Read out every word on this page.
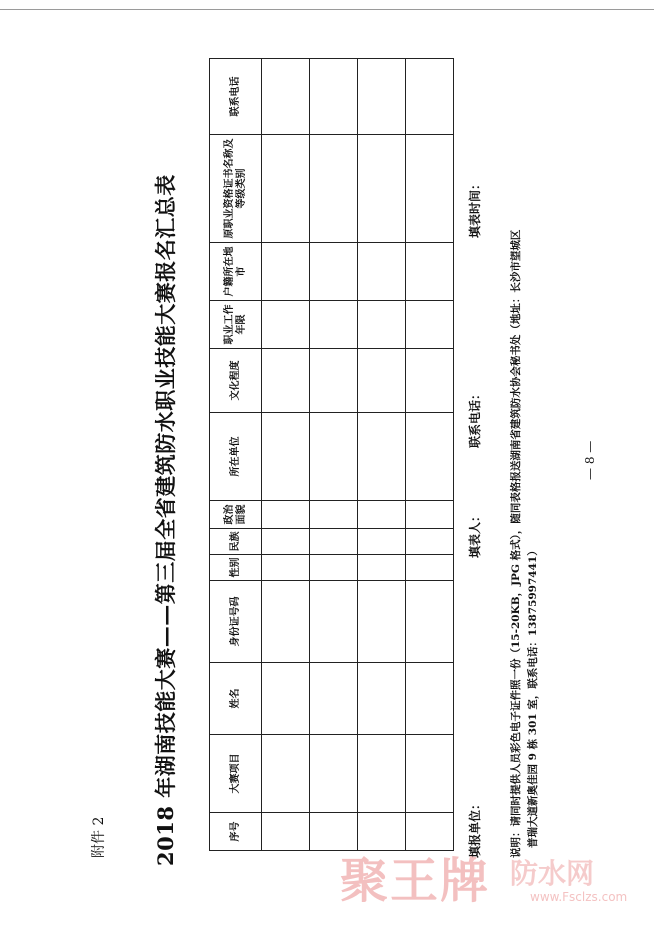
附件 2 2018 年湖南技能大赛——第三届全省建筑防水职业技能大赛报名汇总表	序号	大赛项目	姓名	身份证号码	性别	民族	政治面貌	所在单位	文化程度	职业工作年限	户籍所在地市	原职业资格证书名称及等级类别	联系电话

填报单位：
填表人：
联系电话：
填表时间：
说明：请同时提供人员彩色电子证件照一份（15-20KB，JPG 格式），随同表格报送湖南省建筑防水协会秘书处（地址：长沙市望城区 普瑞大道新奥佳园 9 栋 301 室，联系电话：13875997441）
— 8 —
聚王牌 防水网
www.Fsclzs.com
